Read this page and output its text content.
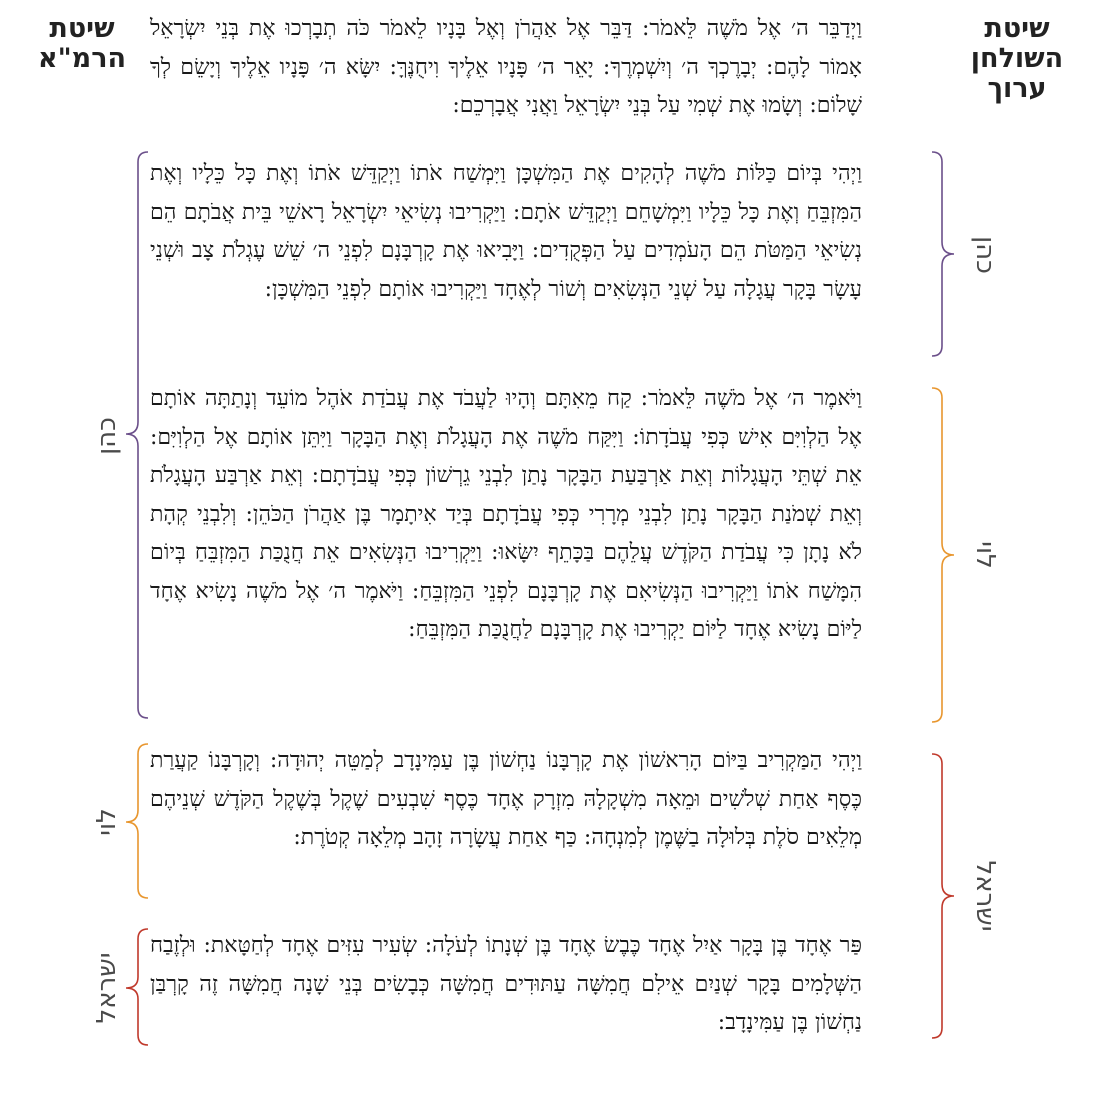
שיטת
השולחן
ערוך
שיטת
הרמ"א
וַיְדַבֵּר ה׳ אֶל מֹשֶׁה לֵּאמֹר: דַּבֵּר אֶל אַהֲרֹן וְאֶל בָּנָיו לֵאמֹר כֹּה תְבָרְכוּ אֶת בְּנֵי יִשְׂרָאֵל אָמוֹר לָהֶם: יְבָרֶכְךָ ה׳ וְיִשְׁמְרֶךָ: יָאֵר ה׳ פָּנָיו אֵלֶיךָ וִיחֻנֶּךָּ: יִשָּׂא ה׳ פָּנָיו אֵלֶיךָ וְיָשֵׂם לְךָ שָׁלוֹם: וְשָׂמוּ אֶת שְׁמִי עַל בְּנֵי יִשְׂרָאֵל וַאֲנִי אֲבָרְכֵם:
וַיְהִי בְּיוֹם כַּלּוֹת מֹשֶׁה לְהָקִים אֶת הַמִּשְׁכָּן וַיִּמְשַׁח אֹתוֹ וַיְקַדֵּשׁ אֹתוֹ וְאֶת כָּל כֵּלָיו וְאֶת הַמִּזְבֵּחַ וְאֶת כָּל כֵּלָיו וַיִּמְשָׁחֵם וַיְקַדֵּשׁ אֹתָם: וַיַּקְרִיבוּ נְשִׂיאֵי יִשְׂרָאֵל רָאשֵׁי בֵּית אֲבֹתָם הֵם נְשִׂיאֵי הַמַּטֹּת הֵם הָעֹמְדִים עַל הַפְּקֻדִים: וַיָּבִיאוּ אֶת קָרְבָּנָם לִפְנֵי ה׳ שֵׁשׁ עֶגְלֹת צָב וּשְׁנֵי עָשָׂר בָּקָר עֲגָלָה עַל שְׁנֵי הַנְּשִׂאִים וְשׁוֹר לְאֶחָד וַיַּקְרִיבוּ אוֹתָם לִפְנֵי הַמִּשְׁכָּן:
וַיֹּאמֶר ה׳ אֶל מֹשֶׁה לֵּאמֹר: קַח מֵאִתָּם וְהָיוּ לַעֲבֹד אֶת עֲבֹדַת אֹהֶל מוֹעֵד וְנָתַתָּה אוֹתָם אֶל הַלְוִיִּם אִישׁ כְּפִי עֲבֹדָתוֹ: וַיִּקַּח מֹשֶׁה אֶת הָעֲגָלֹת וְאֶת הַבָּקָר וַיִּתֵּן אוֹתָם אֶל הַלְוִיִּם: אֵת שְׁתֵּי הָעֲגָלוֹת וְאֵת אַרְבַּעַת הַבָּקָר נָתַן לִבְנֵי גֵרְשׁוֹן כְּפִי עֲבֹדָתָם: וְאֵת אַרְבַּע הָעֲגָלֹת וְאֵת שְׁמֹנַת הַבָּקָר נָתַן לִבְנֵי מְרָרִי כְּפִי עֲבֹדָתָם בְּיַד אִיתָמָר בֶּן אַהֲרֹן הַכֹּהֵן: וְלִבְנֵי קְהָת לֹא נָתָן כִּי עֲבֹדַת הַקֹּדֶשׁ עֲלֵהֶם בַּכָּתֵף יִשָּׂאוּ: וַיַּקְרִיבוּ הַנְּשִׂאִים אֵת חֲנֻכַּת הַמִּזְבֵּחַ בְּיוֹם הִמָּשַׁח אֹתוֹ וַיַּקְרִיבוּ הַנְּשִׂיאִם אֶת קָרְבָּנָם לִפְנֵי הַמִּזְבֵּחַ: וַיֹּאמֶר ה׳ אֶל מֹשֶׁה נָשִׂיא אֶחָד לַיּוֹם נָשִׂיא אֶחָד לַיּוֹם יַקְרִיבוּ אֶת קָרְבָּנָם לַחֲנֻכַּת הַמִּזְבֵּחַ:
וַיְהִי הַמַּקְרִיב בַּיּוֹם הָרִאשׁוֹן אֶת קָרְבָּנוֹ נַחְשׁוֹן בֶּן עַמִּינָדָב לְמַטֵּה יְהוּדָה: וְקָרְבָּנוֹ קַעֲרַת כֶּסֶף אַחַת שְׁלֹשִׁים וּמֵאָה מִשְׁקָלָהּ מִזְרָק אֶחָד כֶּסֶף שִׁבְעִים שֶׁקֶל בְּשֶׁקֶל הַקֹּדֶשׁ שְׁנֵיהֶם מְלֵאִים סֹלֶת בְּלוּלָה בַשֶּׁמֶן לְמִנְחָה: כַּף אַחַת עֲשָׂרָה זָהָב מְלֵאָה קְטֹרֶת:
פַּר אֶחָד בֶּן בָּקָר אַיִל אֶחָד כֶּבֶשׂ אֶחָד בֶּן שְׁנָתוֹ לְעֹלָה: שְׂעִיר עִזִּים אֶחָד לְחַטָּאת: וּלְזֶבַח הַשְּׁלָמִים בָּקָר שְׁנַיִם אֵילִם חֲמִשָּׁה עַתּוּדִים חֲמִשָּׁה כְּבָשִׂים בְּנֵי שָׁנָה חֲמִשָּׁה זֶה קָרְבַּן נַחְשׁוֹן בֶּן עַמִּינָדָב:
כהן
לוי
ישראל
כהן
לוי
ישראל
